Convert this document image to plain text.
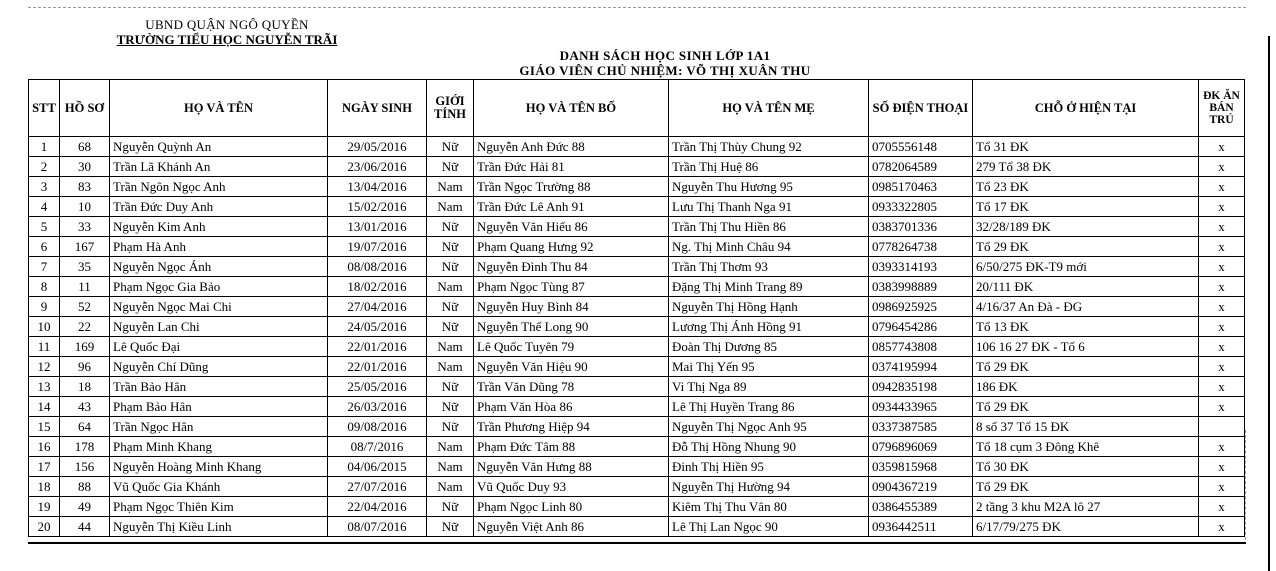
UBND QUẬN NGÔ QUYỀN
TRƯỜNG TIỂU HỌC NGUYỄN TRÃI
DANH SÁCH HỌC SINH LỚP 1A1
GIÁO VIÊN CHỦ NHIỆM: VÕ THỊ XUÂN THU
STT	HỒ SƠ	HỌ VÀ TÊN	NGÀY SINH	GIỚI TÍNH	HỌ VÀ TÊN BỐ	HỌ VÀ TÊN MẸ	SỐ ĐIỆN THOẠI	CHỖ Ở HIỆN TẠI	ĐK ĂN BÁN TRÚ

1	68	Nguyễn Quỳnh An	29/05/2016	Nữ	Nguyễn Anh Đức 88	Trần Thị Thùy Chung 92	0705556148	Tổ 31 ĐK	x
2	30	Trần Lã Khánh An	23/06/2016	Nữ	Trần Đức Hải 81	Trần Thị Huệ 86	0782064589	279 Tổ 38 ĐK	x
3	83	Trần Ngôn Ngọc Anh	13/04/2016	Nam	Trần Ngọc Trường 88	Nguyễn Thu Hương 95	0985170463	Tổ 23 ĐK	x
4	10	Trần Đức Duy Anh	15/02/2016	Nam	Trần Đức Lê Anh 91	Lưu Thị Thanh Nga 91	0933322805	Tổ 17 ĐK	x
5	33	Nguyễn Kim Anh	13/01/2016	Nữ	Nguyễn Văn Hiếu 86	Trần Thị Thu Hiền 86	0383701336	32/28/189 ĐK	x
6	167	Phạm Hà Anh	19/07/2016	Nữ	Phạm Quang Hưng 92	Ng. Thị Minh Châu 94	0778264738	Tổ 29 ĐK	x
7	35	Nguyễn Ngọc Ánh	08/08/2016	Nữ	Nguyễn Đình Thu 84	Trần Thị Thơm 93	0393314193	6/50/275 ĐK-T9 mới	x
8	11	Phạm Ngọc Gia Bảo	18/02/2016	Nam	Phạm Ngọc Tùng 87	Đặng Thị Minh Trang 89	0383998889	20/111 ĐK	x
9	52	Nguyễn Ngọc Mai Chi	27/04/2016	Nữ	Nguyễn Huy Bình 84	Nguyễn Thị Hồng Hạnh	0986925925	4/16/37 An Đà - ĐG	x
10	22	Nguyễn Lan Chi	24/05/2016	Nữ	Nguyễn Thế Long 90	Lương Thị Ánh Hồng 91	0796454286	Tổ 13 ĐK	x
11	169	Lê Quốc Đại	22/01/2016	Nam	Lê Quốc Tuyên 79	Đoàn Thị Dương 85	0857743808	106 16 27 ĐK - Tổ 6	x
12	96	Nguyễn Chí Dũng	22/01/2016	Nam	Nguyễn Văn Hiệu 90	Mai Thị Yến 95	0374195994	Tổ 29 ĐK	x
13	18	Trần Bảo Hân	25/05/2016	Nữ	Trần Văn Dũng 78	Vi Thị Nga 89	0942835198	186 ĐK	x
14	43	Phạm Bảo Hân	26/03/2016	Nữ	Phạm Văn Hòa 86	Lê Thị Huyền Trang 86	0934433965	Tổ 29 ĐK	x
15	64	Trần Ngọc Hân	09/08/2016	Nữ	Trần Phương Hiệp 94	Nguyễn Thị Ngọc Anh 95	0337387585	8 số 37 Tổ 15 ĐK	
16	178	Phạm Minh Khang	08/7/2016	Nam	Phạm Đức Tâm 88	Đỗ Thị Hồng Nhung 90	0796896069	Tổ 18 cụm 3 Đông Khê	x
17	156	Nguyễn Hoàng Minh Khang	04/06/2015	Nam	Nguyễn Văn Hưng 88	Đinh Thị Hiền 95	0359815968	Tổ 30 ĐK	x
18	88	Vũ Quốc Gia Khánh	27/07/2016	Nam	Vũ Quốc Duy 93	Nguyễn Thị Hường 94	0904367219	Tổ 29 ĐK	x
19	49	Phạm Ngọc Thiên Kim	22/04/2016	Nữ	Phạm Ngọc Linh 80	Kiêm Thị Thu Vân 80	0386455389	2 tầng 3 khu M2A lô 27	x
20	44	Nguyễn Thị Kiều Linh	08/07/2016	Nữ	Nguyễn Việt Anh 86	Lê Thị Lan Ngọc 90	0936442511	6/17/79/275 ĐK	x
